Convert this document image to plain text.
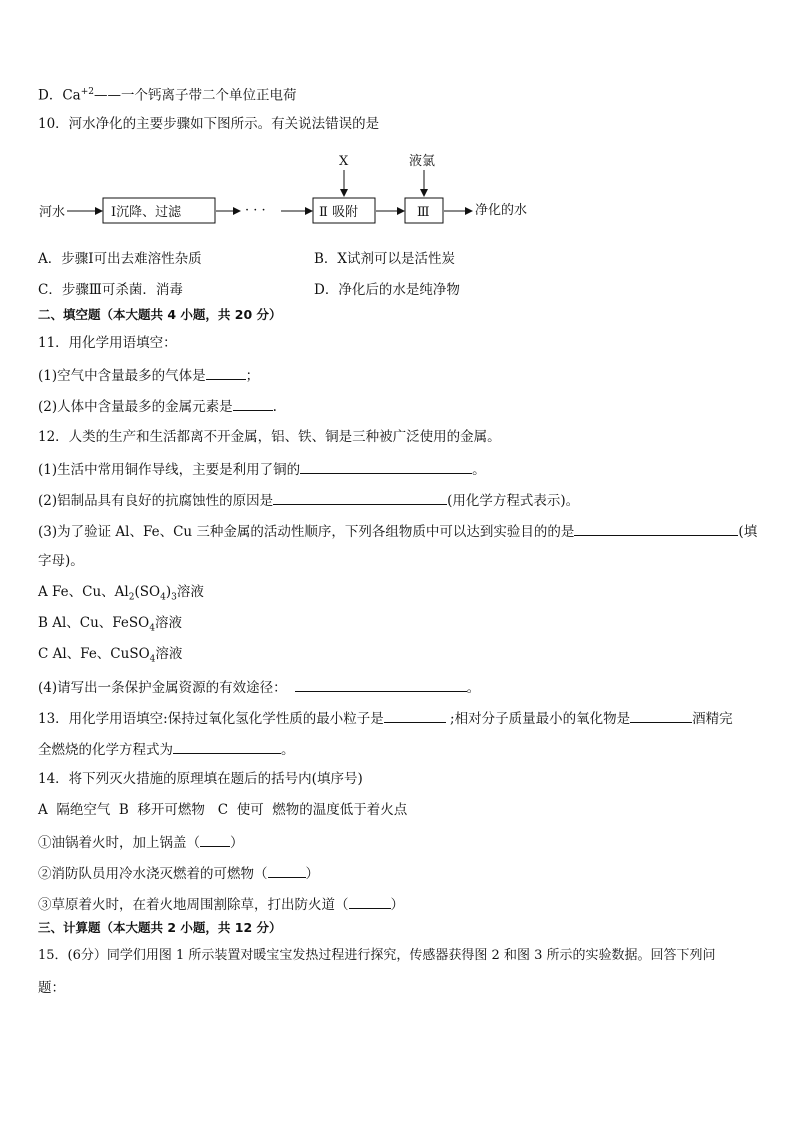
D．$Ca^{+2}——$一个钙离子带二个单位正电荷
10．河水净化的主要步骤如下图所示。有关说法错误的是
河水	Ⅰ沉降、过滤	· · ·	Ⅱ 吸附
X
Ⅲ
液氯
净化的水
A．步骤Ⅰ可出去难溶性杂质	B．X试剂可以是活性炭
C．步骤Ⅲ可杀菌．消毒	D．净化后的水是纯净物
二、填空题（本大题共 4 小题，共 20 分）
11．用化学用语填空：
(1)空气中含量最多的气体是	；
(2)人体中含量最多的金属元素是	.
12．人类的生产和生活都离不开金属，铝、铁、铜是三种被广泛使用的金属。
(1)生活中常用铜作导线，主要是利用了铜的	。
(2)铝制品具有良好的抗腐蚀性的原因是	(用化学方程式表示)。
(3)为了验证 Al、Fe、Cu 三种金属的活动性顺序，下列各组物质中可以达到实验目的的是	(填
字母)。
A Fe、Cu、$Al_2(SO_4)_3$溶液
B Al、Cu、FeSO$_4$溶液
C Al、Fe、CuSO$_4$溶液
(4)请写出一条保护金属资源的有效途径：	。
13．用化学用语填空:保持过氧化氢化学性质的最小粒子是	;相对分子质量最小的氧化物是	酒精完
全燃烧的化学方程式为	。
14．将下列灭火措施的原理填在题后的括号内(填序号)
A  隔绝空气  B  移开可燃物   C  使可  燃物的温度低于着火点
①油锅着火时，加上锅盖（ ）
②消防队员用冷水浇灭燃着的可燃物（	）
③草原着火时，在着火地周围割除草，打出防火道（	）
三、计算题（本大题共 2 小题，共 12 分）
15．(6分）同学们用图 1 所示装置对暖宝宝发热过程进行探究，传感器获得图 2 和图 3 所示的实验数据。回答下列问
题：
